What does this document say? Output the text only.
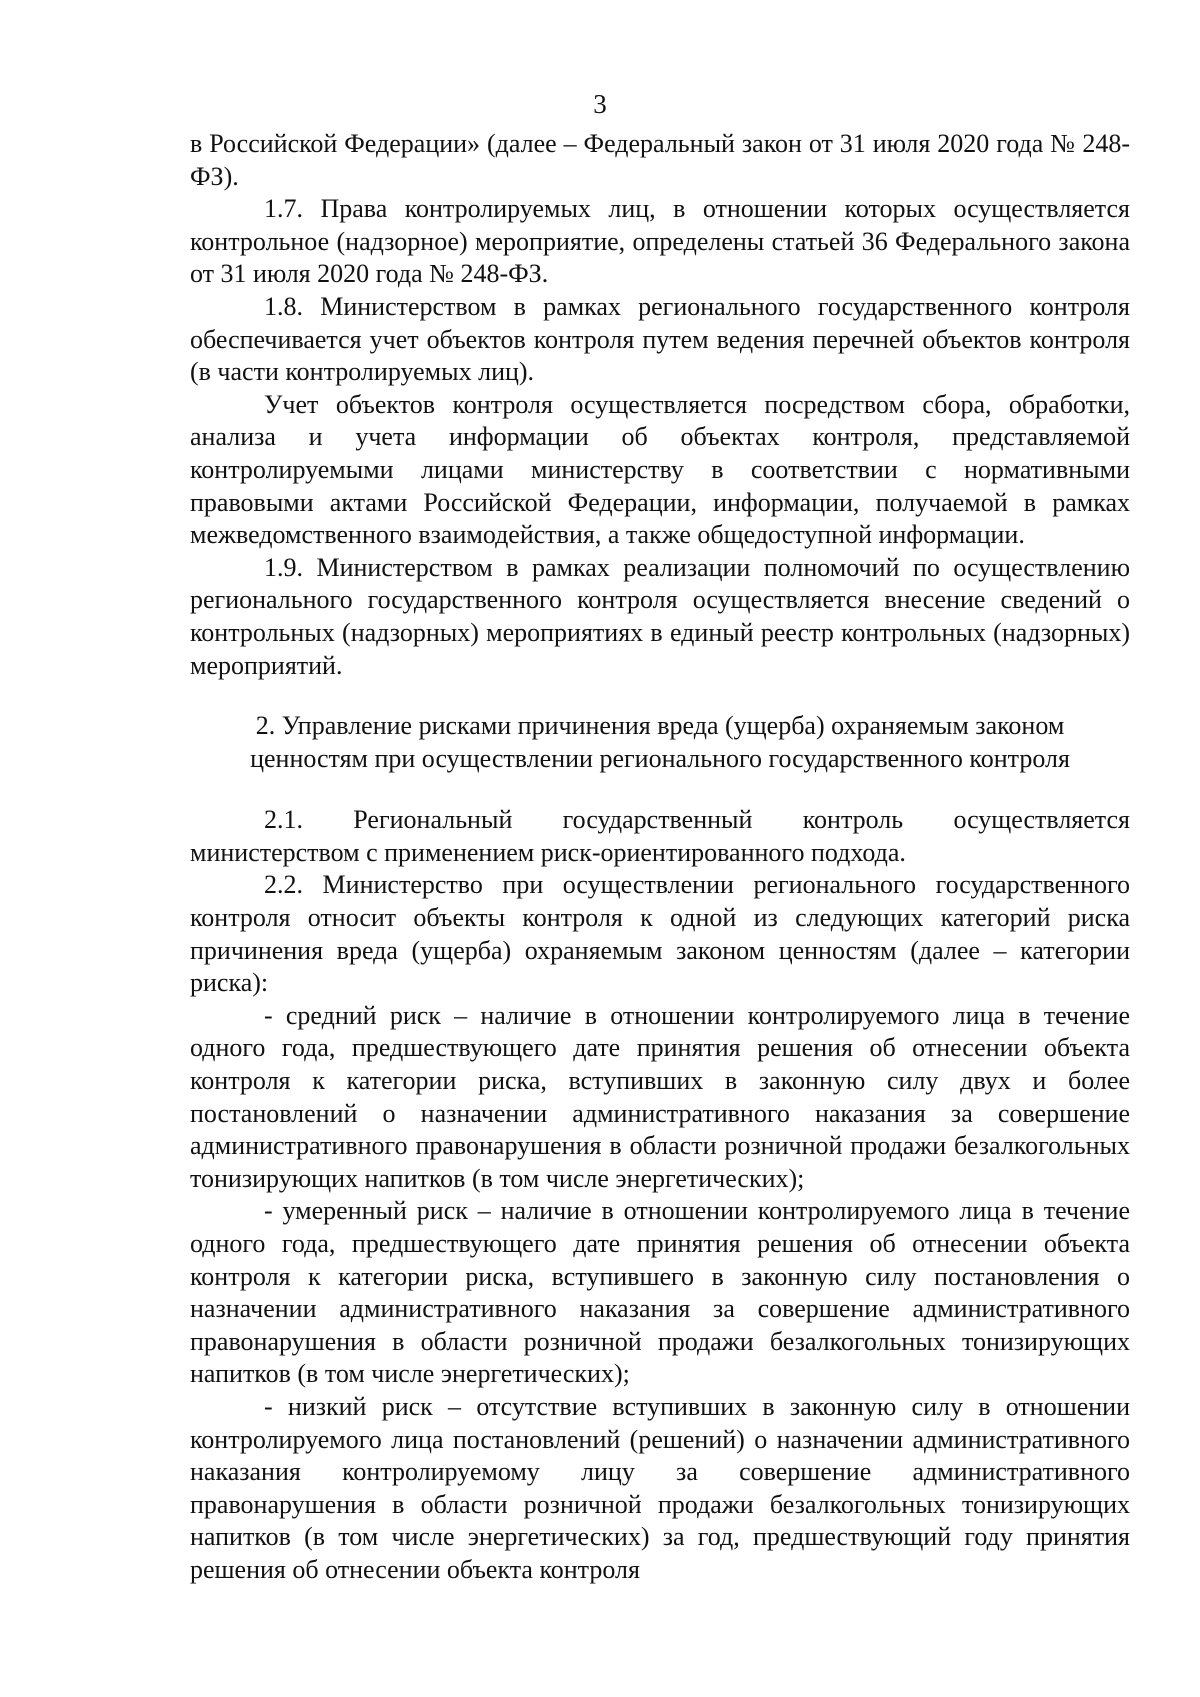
3

в Российской Федерации» (далее – Федеральный закон от 31 июля 2020 года № 248-ФЗ).

1.7. Права контролируемых лиц, в отношении которых осуществляется контрольное (надзорное) мероприятие, определены статьей 36 Федерального закона от 31 июля 2020 года № 248-ФЗ.

1.8. Министерством в рамках регионального государственного контроля обеспечивается учет объектов контроля путем ведения перечней объектов контроля (в части контролируемых лиц).

Учет объектов контроля осуществляется посредством сбора, обработки, анализа и учета информации об объектах контроля, представляемой контролируемыми лицами министерству в соответствии с нормативными правовыми актами Российской Федерации, информации, получаемой в рамках межведомственного взаимодействия, а также общедоступной информации.

1.9. Министерством в рамках реализации полномочий по осуществлению регионального государственного контроля осуществляется внесение сведений о контрольных (надзорных) мероприятиях в единый реестр контрольных (надзорных) мероприятий.

2. Управление рисками причинения вреда (ущерба) охраняемым законом
ценностям при осуществлении регионального государственного контроля

2.1. Региональный государственный контроль осуществляется министерством с применением риск-ориентированного подхода.

2.2. Министерство при осуществлении регионального государственного контроля относит объекты контроля к одной из следующих категорий риска причинения вреда (ущерба) охраняемым законом ценностям (далее – категории риска):

- средний риск – наличие в отношении контролируемого лица в течение одного года, предшествующего дате принятия решения об отнесении объекта контроля к категории риска, вступивших в законную силу двух и более постановлений о назначении административного наказания за совершение административного правонарушения в области розничной продажи безалкогольных тонизирующих напитков (в том числе энергетических);

- умеренный риск – наличие в отношении контролируемого лица в течение одного года, предшествующего дате принятия решения об отнесении объекта контроля к категории риска, вступившего в законную силу постановления о назначении административного наказания за совершение административного правонарушения в области розничной продажи безалкогольных тонизирующих напитков (в том числе энергетических);

- низкий риск – отсутствие вступивших в законную силу в отношении контролируемого лица постановлений (решений) о назначении административного наказания контролируемому лицу за совершение административного правонарушения в области розничной продажи безалкогольных тонизирующих напитков (в том числе энергетических) за год, предшествующий году принятия решения об отнесении объекта контроля
